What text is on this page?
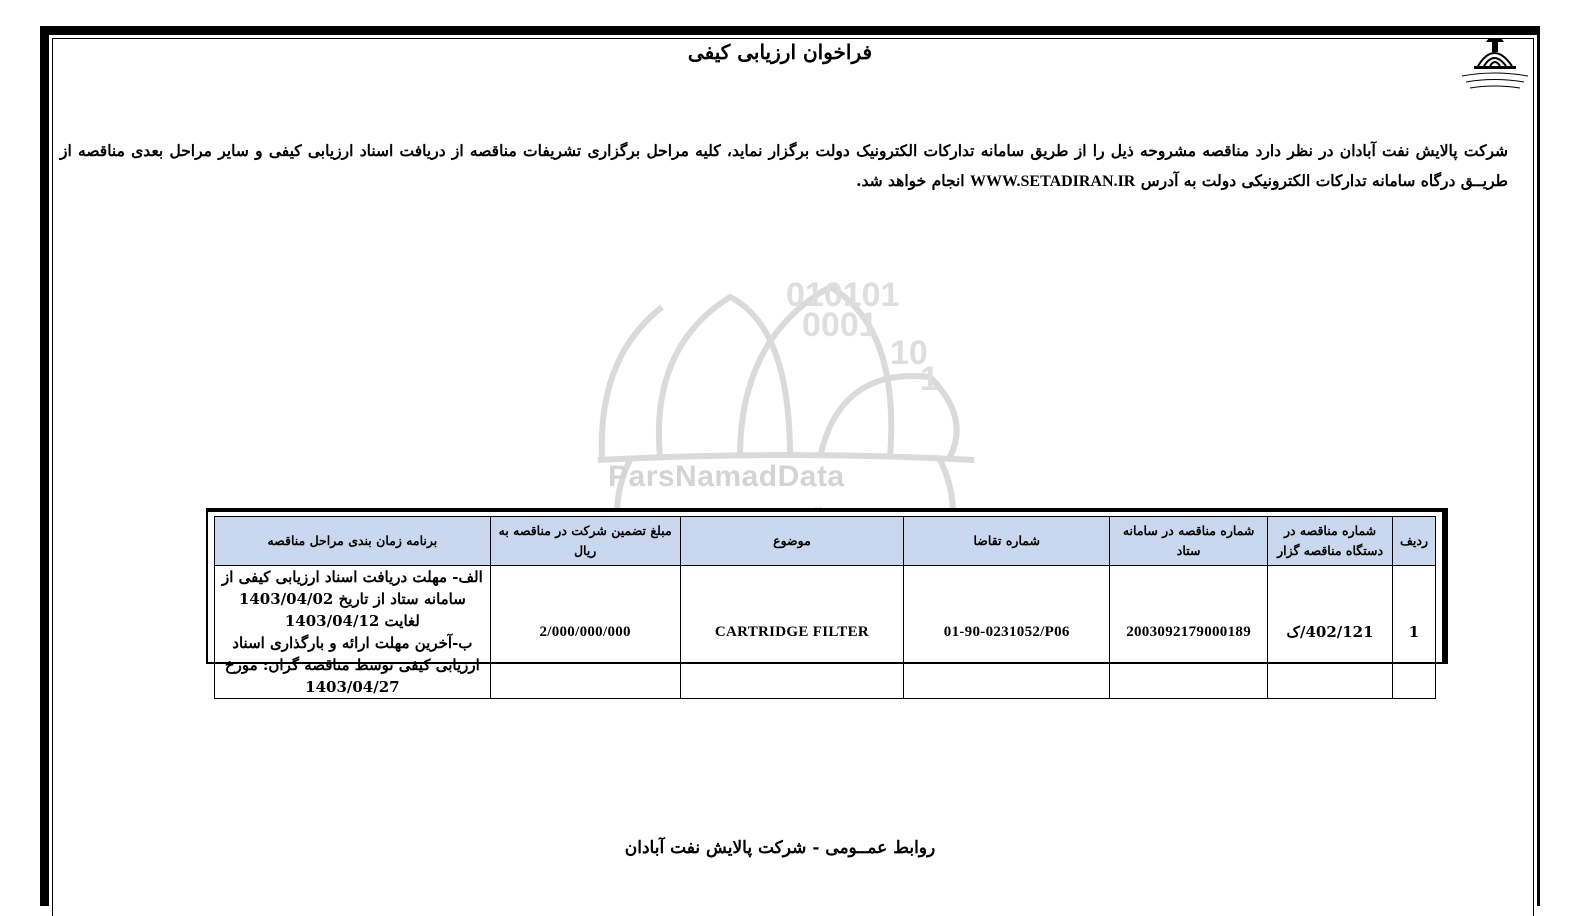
فراخوان ارزیابی کیفی
شرکت پالایش نفت آبادان در نظر دارد مناقصه مشروحه ذیل را از طریق سامانه تدارکات الکترونیک دولت برگزار نماید، کلیه مراحل برگزاری تشریفات مناقصه از دریافت اسناد ارزیابی کیفی و سایر مراحل بعدی مناقصه از طریــق درگاه سامانه تدارکات الکترونیکی دولت به آدرس WWW.SETADIRAN.IR انجام خواهد شد.
010101
0001
10
1
ParsNamadData
ردیف	شماره مناقصه در دستگاه مناقصه گزار	شماره مناقصه در سامانه ستاد	شماره تقاضا	موضوع	مبلغ تضمین شرکت در مناقصه به ریال	برنامه زمان بندی مراحل مناقصه
1	402/121/ک	2003092179000189	01-90-0231052/P06	CARTRIDGE FILTER	2/000/000/000	الف- مهلت دریافت اسناد ارزیابی کیفی از سامانه ستاد از تاریخ 1403/04/02 لغایت 1403/04/12
ب-آخرین مهلت ارائه و بارگذاری اسناد ارزیابی کیفی توسط مناقصه گران: مورخ 1403/04/27
روابط عمــومی - شرکت پالایش نفت آبادان
